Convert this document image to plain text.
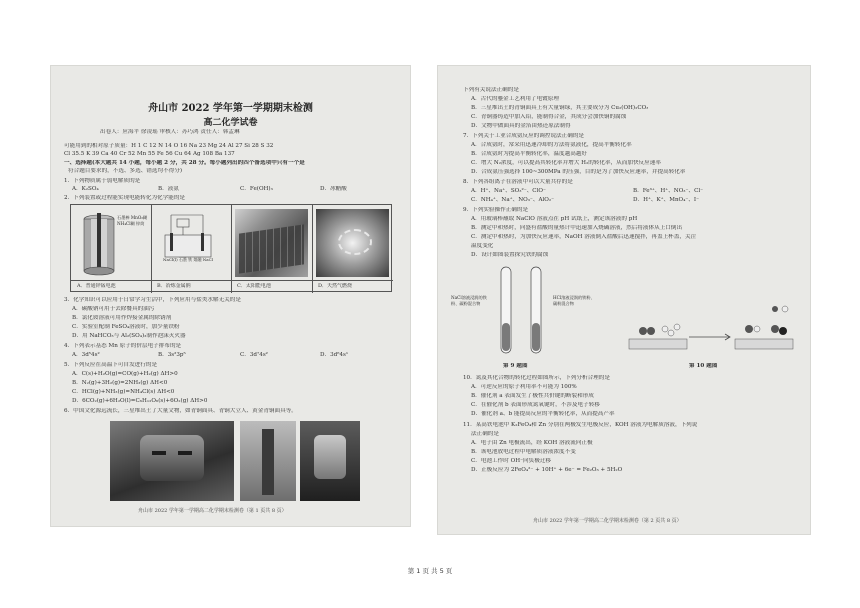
舟山市 2022 学年第一学期期末检测
高二化学试卷
出卷人：应海平 徐凌瑶 审核人：苏巧鸿 责任人：韩孟琳
可能用到的相对原子质量：H 1 C 12 N 14 O 16 Na 23 Mg 24 Al 27 Si 28 S 32
Cl 35.5 K 39 Ca 40 Cr 52 Mn 55 Fe 56 Cu 64 Ag 108 Ba 137
一、选择题(本大题共 14 小题，每小题 2 分，共 28 分。每小题列出的四个备选项中只有一个是
符合题目要求的，不选、多选、错选均不得分)
1．下列物质属于弱电解质的是
A．K₂SO₄	B．液氨	C．Fe(OH)₃	D．冰醋酸
2．下列装置或过程能实现电能转化为化学能的是
石墨棒 MnO₂糊 NH₄Cl糊 锌筒
NaCl(l) 石墨 铁 熔融 NaCl
A．普通锌锰电池	B．冶炼金属钠	C．太阳能电池	D．天然气燃烧
3．化学知识可以应用于日常学习生活中，下列应用与盐类水解无关的是
A．碳酸钠可用于去除餐具的油污
B．氯化铵溶液可用作焊接金属的除锈剂
C．实验室配制 FeSO₄溶液时，加少量铁粉
D．用 NaHCO₃与 Al₂(SO₄)₃制作泡沫灭火器
4．下列表示基态 Mn 原子的价层电子排布的是
A．3d⁵4s²	B．3s²3p⁵	C．3d⁷4s²	D．3d⁶4s¹
5．下列反应在高温下可自发进行的是
A．C(s)+H₂O(g)=CO(g)+H₂(g) ΔH>0
B．N₂(g)+3H₂(g)=2NH₃(g) ΔH<0
C．HCl(g)+NH₃(g)=NH₄Cl(s) ΔH<0
D．6CO₂(g)+6H₂O(l)=C₆H₁₂O₆(s)+6O₂(g) ΔH>0
6．中国文化源远流长，三星堆出土了大量文物，如青铜面具、青铜大立人、黄金青铜面具等。
舟山市 2022 学年第一学期高二化学期末检测卷（第 1 页共 8 页）
下列有关说法正确的是
A．古代的鎏金工艺利用了电镀原理
B．三星堆出土的青铜面具上有大量铜绿，其主要成分为 Cu₂(OH)₂CO₃
C．青铜器铸造中加入铅，能制得合金，其成分会加快铜的腐蚀
D．文物中做面具的金箔由热还原法制得
7．下列关于工业合成氨反应的调控说法正确的是
A．合成氨时，常采用迅速冷却的方法将氨液化，提高平衡转化率
B．合成氨时为提高平衡转化率，温度越高越好
C．增大 N₂浓度，可以提高其转化率并增大 H₂的转化率，从而加快反应速率
D．合成氨压强选择 100~300MPa 的压强，目的是为了加快反应速率，并提高转化率
8．下列各组离子在溶液中可以大量共存的是
A．H⁺、Na⁺、SO₃²⁻、ClO⁻	B．Fe³⁺、H⁺、NO₃⁻、Cl⁻
C．NH₄⁺、Na⁺、NO₃⁻、AlO₂⁻	D．H⁺、K⁺、MnO₄⁻、I⁻
9．下列实验操作正确的是
A．用玻璃棒蘸取 NaClO 溶液点在 pH 试纸上，测定该溶液的 pH
B．测定中和热时，向盛有盐酸的量热计中迅速加入烧碱溶液，然后将液体从上口倒出
C．测定中和热时，为加快反应速率，NaOH 溶液倒入盐酸后迅速搅拌，再盖上杯盖，关注
温度变化
D．设计如图装置探究铁的腐蚀
NaCl溶液浸润的铁粉、碳粉混合物
HCl溶液浸润的铁粉、碳粉混合物
第 9 题图	第 10 题图
10．氮及其化合物的转化过程如图所示，下列分析合理的是
A．可逆反应的原子利用率不可能为 100%
B．催化剂 a 表面发生了极性共价键的断裂和形成
C．在催化剂 b 表面形成氮氧键时，不涉及电子转移
D．催化剂 a、b 能提高反应的平衡转化率，从而提高产率
11．某高铁电池中 K₂FeO₄和 Zn 分别在两极发生电极反应，KOH 溶液为电解质溶液，下列说
法正确的是
A．电子由 Zn 电极流出，经 KOH 溶液流向正极
B．该电池放电过程中电解质溶液浓度不变
C．电池工作时 OH⁻向负极迁移
D．正极反应为 2FeO₄²⁻ + 10H⁺ + 6e⁻ = Fe₂O₃ + 5H₂O
舟山市 2022 学年第一学期高二化学期末检测卷（第 2 页共 8 页）
第 1 页 共 5 页
